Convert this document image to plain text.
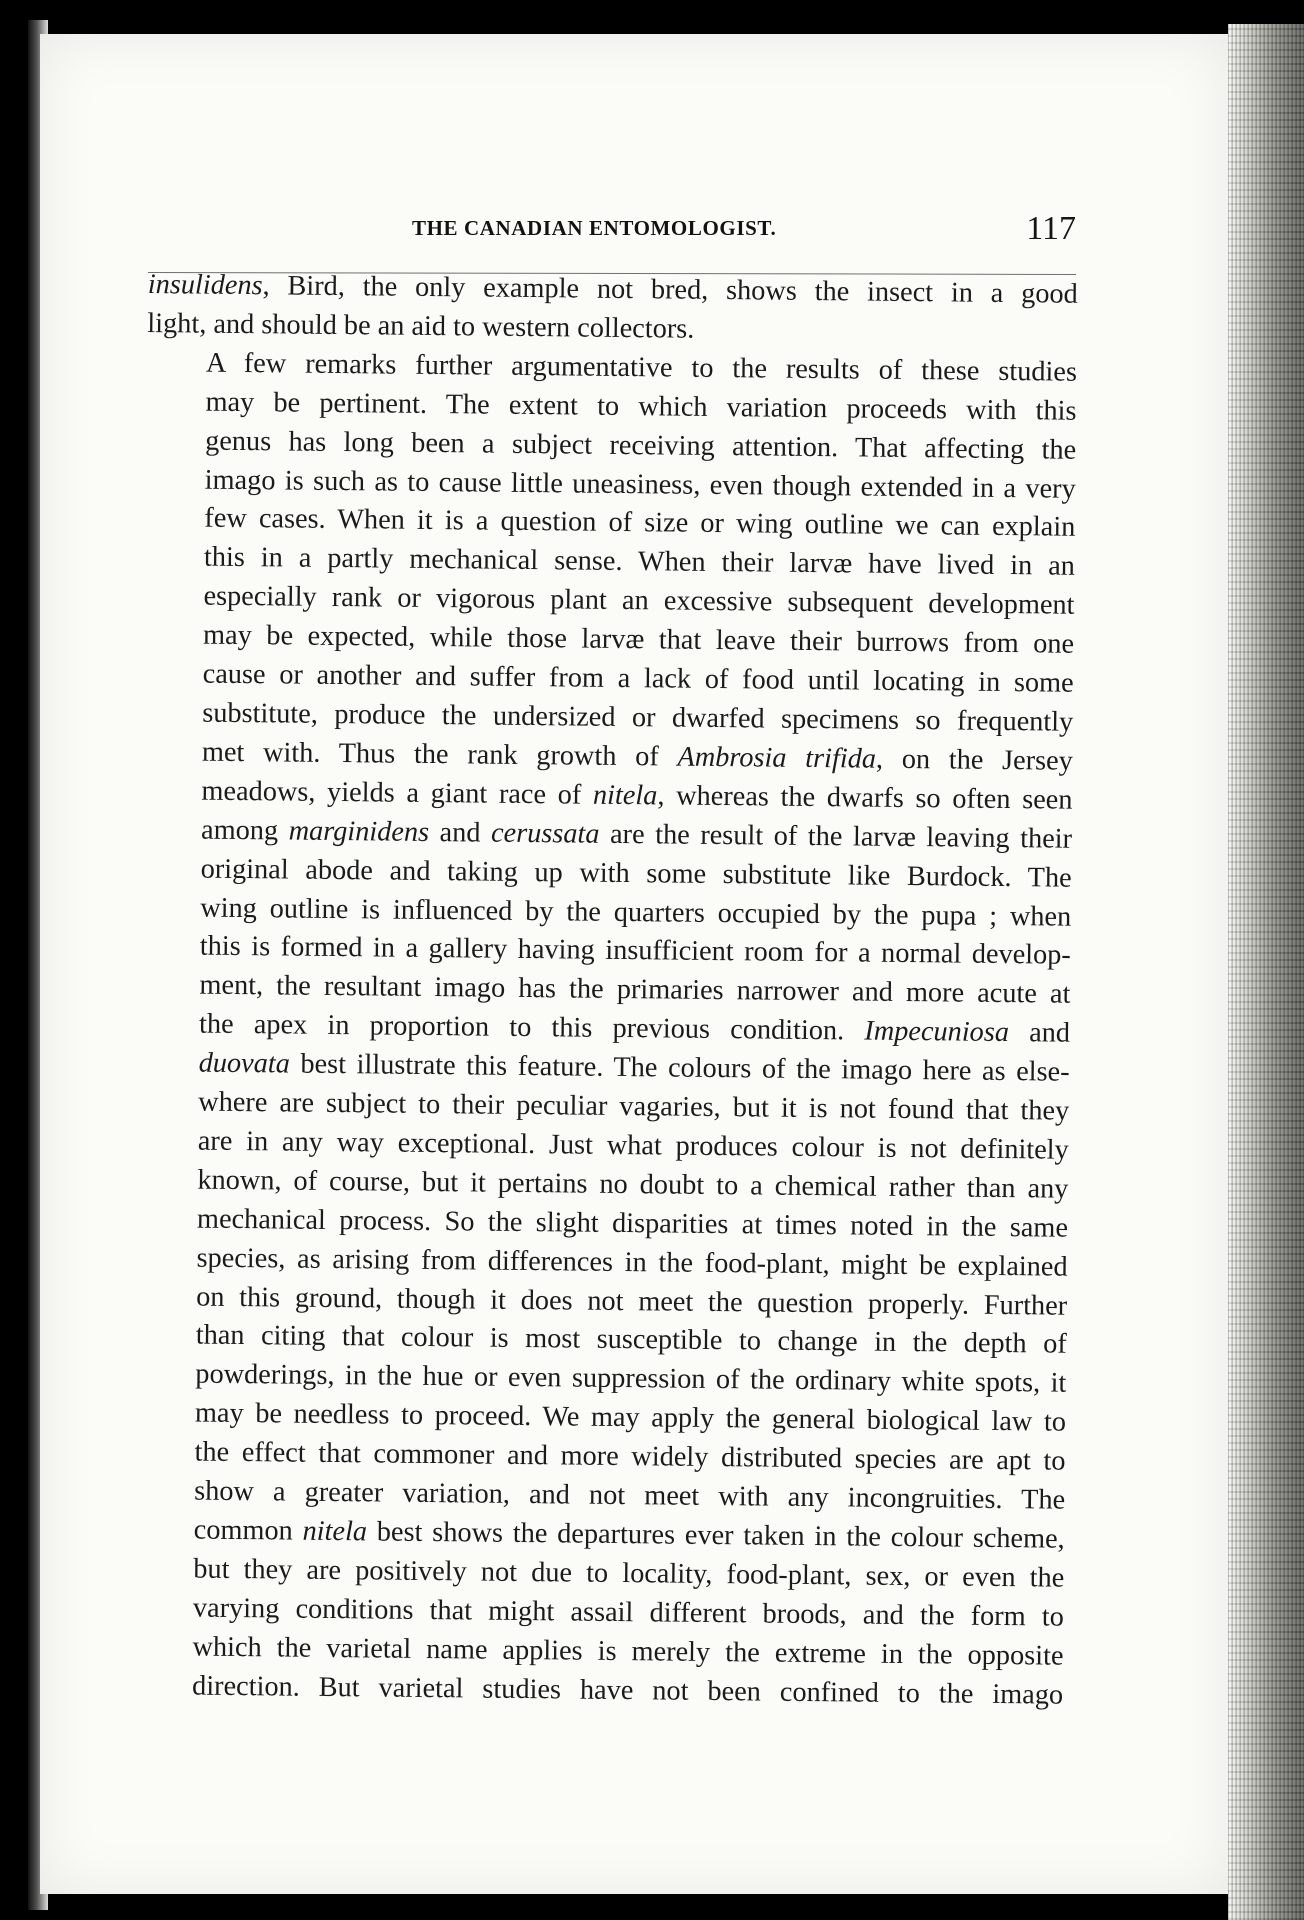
THE CANADIAN ENTOMOLOGIST.	117

insulidens, Bird, the only example not bred, shows the insect in a good
light, and should be an aid to western collectors.

A few remarks further argumentative to the results of these studies
may be pertinent. The extent to which variation proceeds with this
genus has long been a subject receiving attention. That affecting the
imago is such as to cause little uneasiness, even though extended in a very
few cases. When it is a question of size or wing outline we can explain
this in a partly mechanical sense. When their larvæ have lived in an
especially rank or vigorous plant an excessive subsequent development
may be expected, while those larvæ that leave their burrows from one
cause or another and suffer from a lack of food until locating in some
substitute, produce the undersized or dwarfed specimens so frequently
met with. Thus the rank growth of Ambrosia trifida, on the Jersey
meadows, yields a giant race of nitela, whereas the dwarfs so often seen
among marginidens and cerussata are the result of the larvæ leaving their
original abode and taking up with some substitute like Burdock. The
wing outline is influenced by the quarters occupied by the pupa ; when
this is formed in a gallery having insufficient room for a normal develop-
ment, the resultant imago has the primaries narrower and more acute at
the apex in proportion to this previous condition. Impecuniosa and
duovata best illustrate this feature. The colours of the imago here as else-
where are subject to their peculiar vagaries, but it is not found that they
are in any way exceptional. Just what produces colour is not definitely
known, of course, but it pertains no doubt to a chemical rather than any
mechanical process. So the slight disparities at times noted in the same
species, as arising from differences in the food-plant, might be explained
on this ground, though it does not meet the question properly. Further
than citing that colour is most susceptible to change in the depth of
powderings, in the hue or even suppression of the ordinary white spots, it
may be needless to proceed. We may apply the general biological law to
the effect that commoner and more widely distributed species are apt to
show a greater variation, and not meet with any incongruities. The
common nitela best shows the departures ever taken in the colour scheme,
but they are positively not due to locality, food-plant, sex, or even the
varying conditions that might assail different broods, and the form to
which the varietal name applies is merely the extreme in the opposite
direction. But varietal studies have not been confined to the imago
